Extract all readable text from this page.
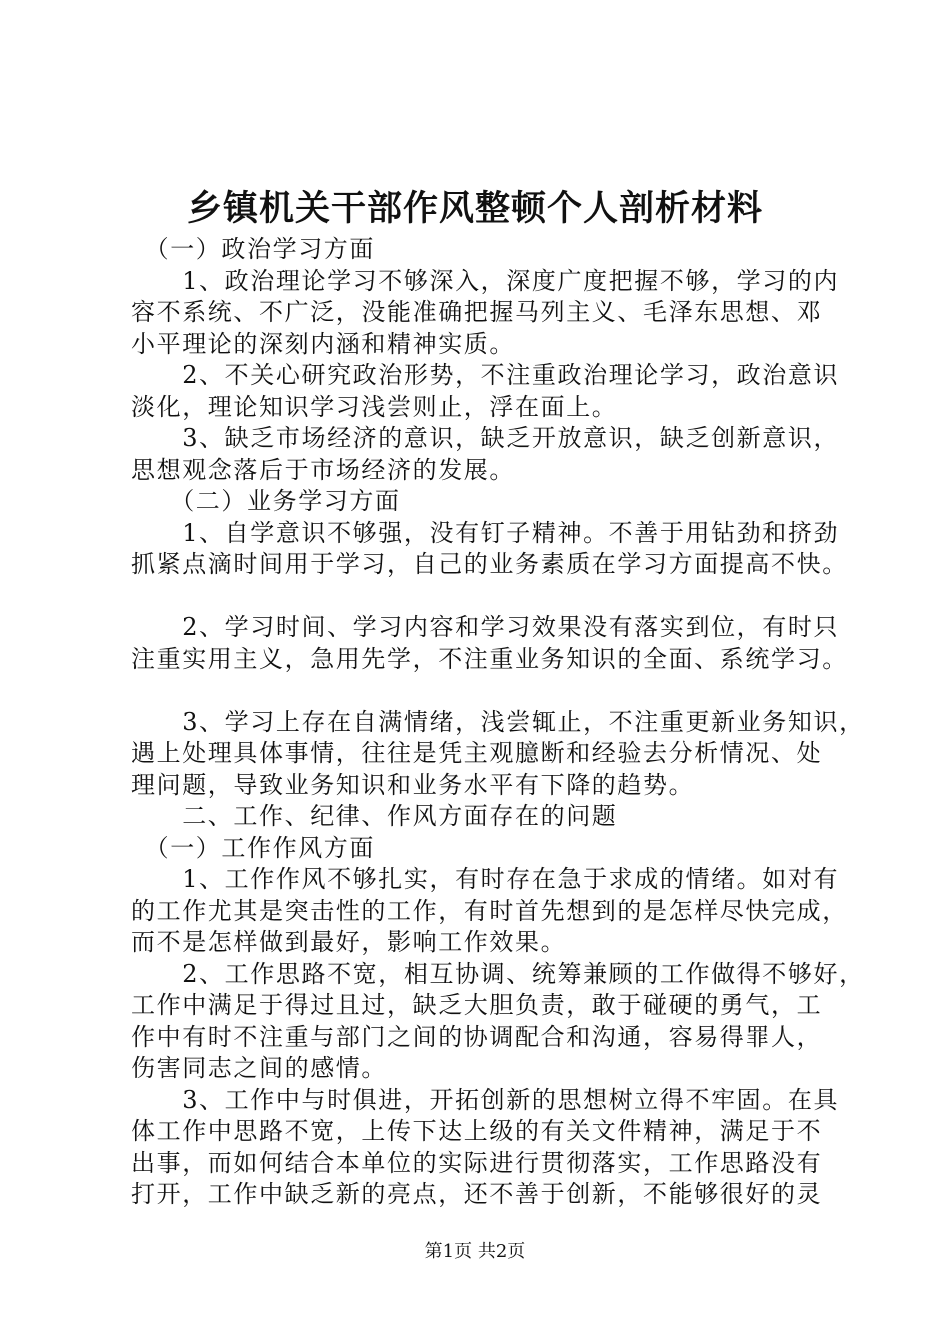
乡镇机关干部作风整顿个人剖析材料

　（一）政治学习方面

　　1、政治理论学习不够深入，深度广度把握不够，学习的内

容不系统、不广泛，没能准确把握马列主义、毛泽东思想、邓

小平理论的深刻内涵和精神实质。

　　2、不关心研究政治形势，不注重政治理论学习，政治意识

淡化，理论知识学习浅尝则止，浮在面上。

　　3、缺乏市场经济的意识，缺乏开放意识，缺乏创新意识，

思想观念落后于市场经济的发展。

　　（二）业务学习方面

　　1、自学意识不够强，没有钉子精神。不善于用钻劲和挤劲

抓紧点滴时间用于学习，自己的业务素质在学习方面提高不快。

　　2、学习时间、学习内容和学习效果没有落实到位，有时只

注重实用主义，急用先学，不注重业务知识的全面、系统学习。

　　3、学习上存在自满情绪，浅尝辄止，不注重更新业务知识，

遇上处理具体事情，往往是凭主观臆断和经验去分析情况、处

理问题，导致业务知识和业务水平有下降的趋势。

　　二、工作、纪律、作风方面存在的问题

　（一）工作作风方面

　　1、工作作风不够扎实，有时存在急于求成的情绪。如对有

的工作尤其是突击性的工作，有时首先想到的是怎样尽快完成，

而不是怎样做到最好，影响工作效果。

　　2、工作思路不宽，相互协调、统筹兼顾的工作做得不够好，

工作中满足于得过且过，缺乏大胆负责，敢于碰硬的勇气，工

作中有时不注重与部门之间的协调配合和沟通，容易得罪人，

伤害同志之间的感情。

　　3、工作中与时俱进，开拓创新的思想树立得不牢固。在具

体工作中思路不宽，上传下达上级的有关文件精神，满足于不

出事，而如何结合本单位的实际进行贯彻落实，工作思路没有

打开，工作中缺乏新的亮点，还不善于创新，不能够很好的灵

第1页 共2页
